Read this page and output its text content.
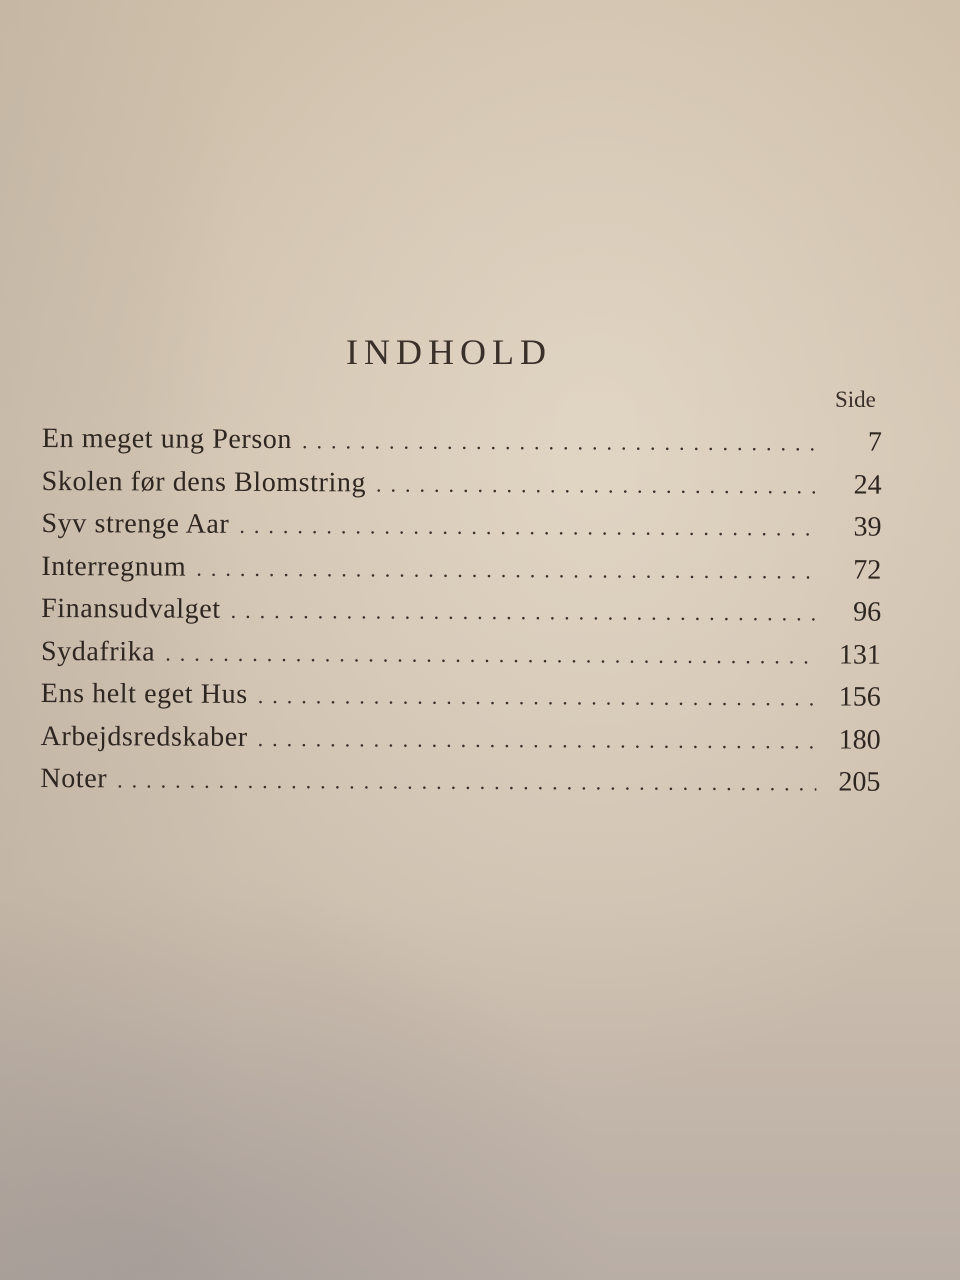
INDHOLD
Side
En meget ung Person .....	7
Skolen før dens Blomstring .....	24
Syv strenge Aar .....	39
Interregnum .....	72
Finansudvalget .....	96
Sydafrika .....	131
Ens helt eget Hus .....	156
Arbejdsredskaber .....	180
Noter .....	205
